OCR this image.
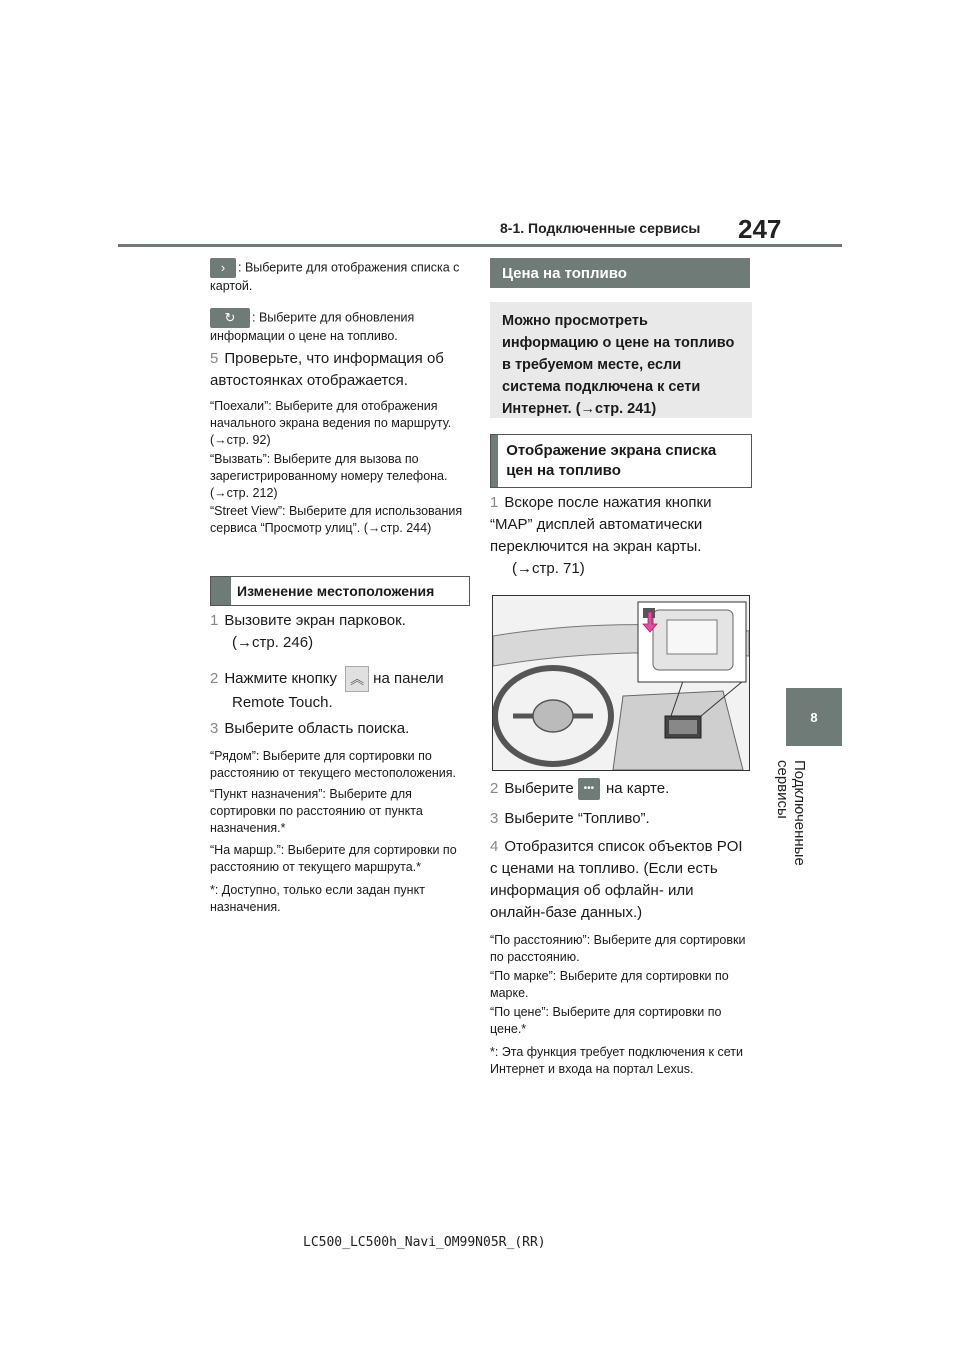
8-1. Подключенные сервисы 247
8
Подключенные сервисы
› : Выберите для отображения списка с картой.
↻ : Выберите для обновления информации о цене на топливо.
5 Проверьте, что информация об автостоянках отображается.
“Поехали”: Выберите для отображения начального экрана ведения по маршруту. (→стр. 92)
“Вызвать”: Выберите для вызова по зарегистрированному номеру телефона. (→стр. 212)
“Street View”: Выберите для использования сервиса “Просмотр улиц”. (→стр. 244)
Изменение местоположения
1 Вызовите экран парковок.
(→стр. 246)
2 Нажмите кнопку ︽ на панели
Remote Touch.
3 Выберите область поиска.
“Рядом”: Выберите для сортировки по расстоянию от текущего местоположения.
“Пункт назначения”: Выберите для сортировки по расстоянию от пункта назначения.*
“На маршр.”: Выберите для сортировки по расстоянию от текущего маршрута.*
*: Доступно, только если задан пункт назначения.
Цена на топливо
Можно просмотреть информацию о цене на топливо в требуемом месте, если система подключена к сети Интернет. (→стр. 241)
Отображение экрана списка цен на топливо
1 Вскоре после нажатия кнопки “MAP” дисплей автоматически переключится на экран карты.
(→стр. 71)
2 Выберите ••• на карте.
3 Выберите “Топливо”.
4 Отобразится список объектов POI с ценами на топливо. (Если есть информация об офлайн- или онлайн-базе данных.)
“По расстоянию”: Выберите для сортировки по расстоянию.
“По марке”: Выберите для сортировки по марке.
“По цене”: Выберите для сортировки по цене.*
*: Эта функция требует подключения к сети Интернет и входа на портал Lexus.
LC500_LC500h_Navi_OM99N05R_(RR)
